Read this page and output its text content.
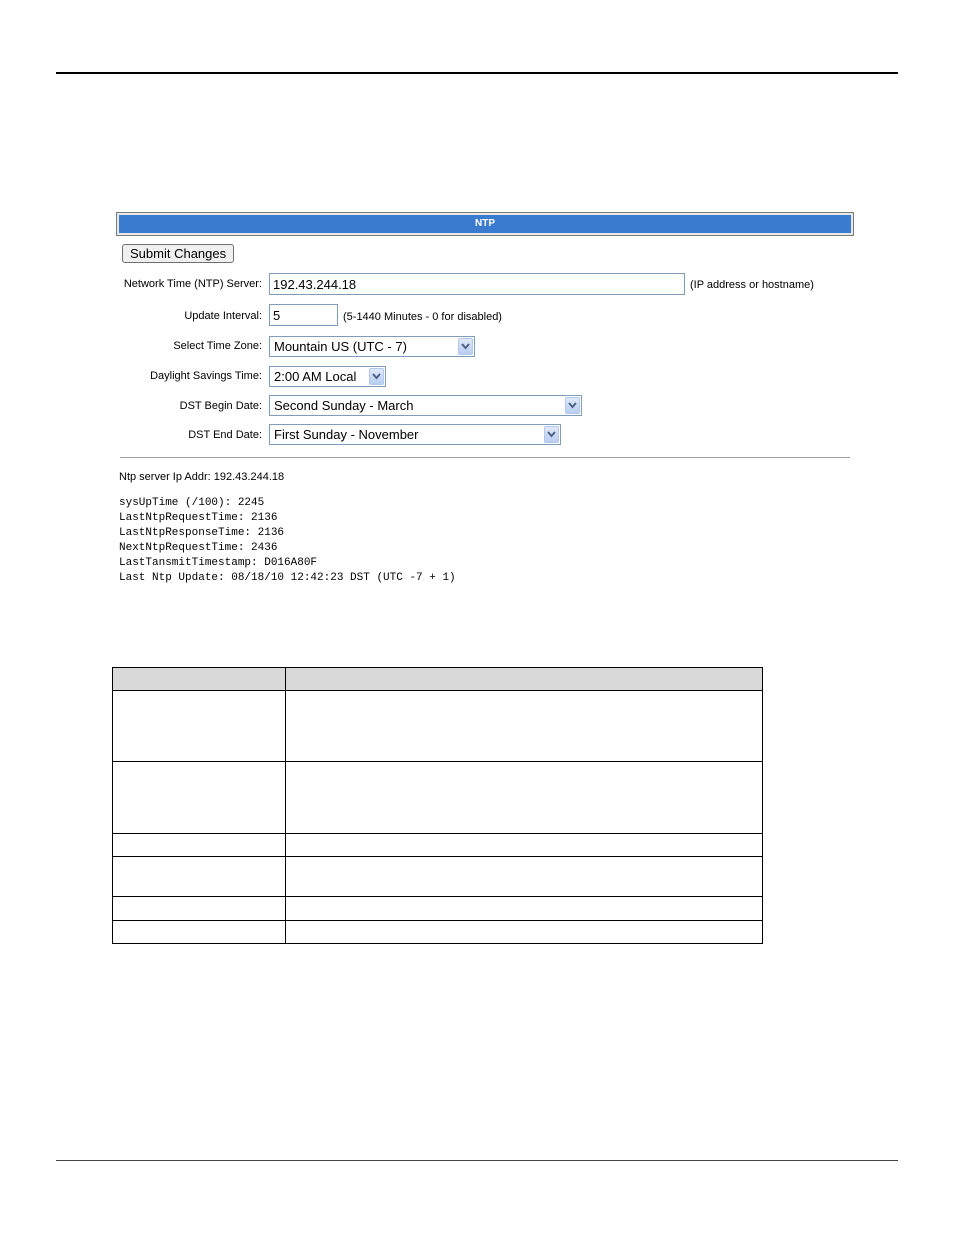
NTP
Submit Changes
Network Time (NTP) Server:
192.43.244.18	(IP address or hostname)
Update Interval:
5	(5-1440 Minutes - 0 for disabled)
Select Time Zone: Mountain US (UTC - 7)
Daylight Savings Time: 2:00 AM Local
DST Begin Date: Second Sunday - March
DST End Date: First Sunday - November
Ntp server Ip Addr: 192.43.244.18
sysUpTime (/100): 2245
LastNtpRequestTime: 2136
LastNtpResponseTime: 2136
NextNtpRequestTime: 2436
LastTansmitTimestamp: D016A80F
Last Ntp Update: 08/18/10 12:42:23 DST (UTC -7 + 1)
